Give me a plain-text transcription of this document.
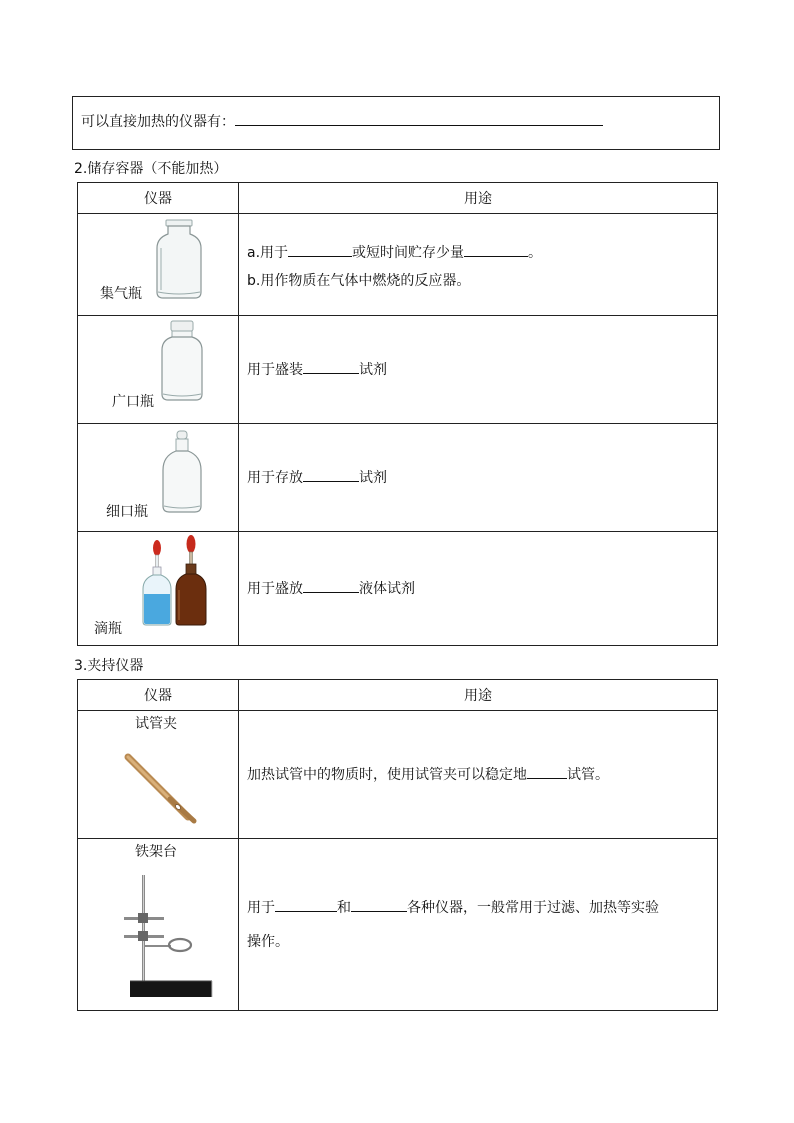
可以直接加热的仪器有：
2.储存容器（不能加热）
仪器	用途

集气瓶	a.用于 或短时间贮存少量 。
b.用作物质在气体中燃烧的反应器。

广口瓶	用于盛装 试剂

细口瓶	用于存放 试剂

滴瓶	用于盛放 液体试剂
3.夹持仪器
仪器	用途

试管夹	加热试管中的物质时，使用试管夹可以稳定地 试管。

铁架台	用于 和 各种仪器，一般常用于过滤、加热等实验
操作。
